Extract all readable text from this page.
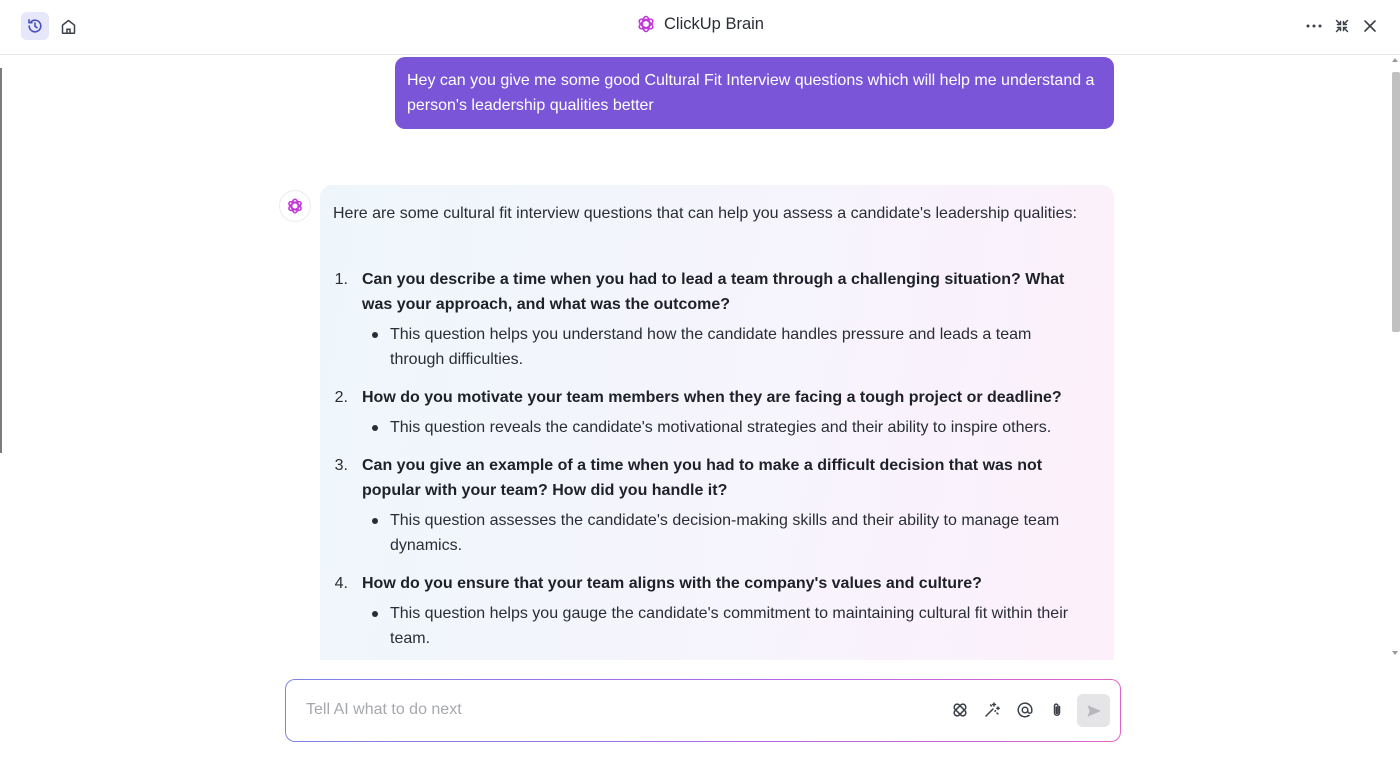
ClickUp Brain
Hey can you give me some good Cultural Fit Interview questions which will help me understand a person's leadership qualities better
Here are some cultural fit interview questions that can help you assess a candidate's leadership qualities:
1. Can you describe a time when you had to lead a team through a challenging situation? What was your approach, and what was the outcome?
This question helps you understand how the candidate handles pressure and leads a team through difficulties.
2. How do you motivate your team members when they are facing a tough project or deadline?
This question reveals the candidate's motivational strategies and their ability to inspire others.
3. Can you give an example of a time when you had to make a difficult decision that was not popular with your team? How did you handle it?
This question assesses the candidate's decision-making skills and their ability to manage team dynamics.
4. How do you ensure that your team aligns with the company's values and culture?
This question helps you gauge the candidate's commitment to maintaining cultural fit within their team.
Tell AI what to do next
